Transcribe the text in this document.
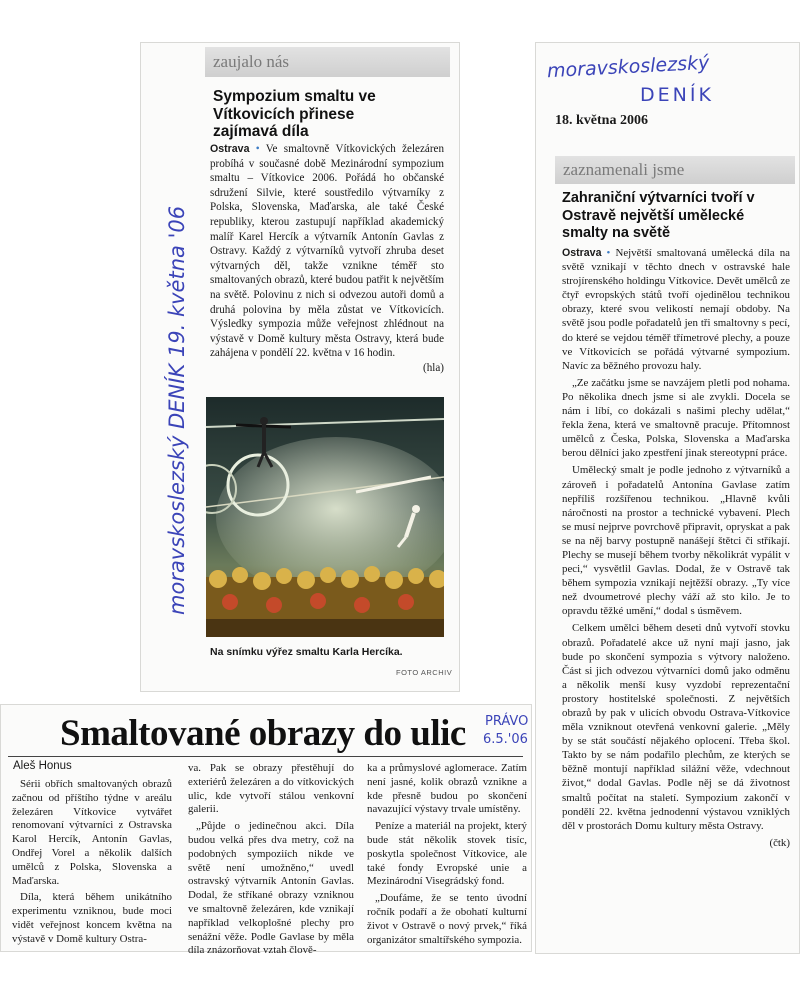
zaujalo nás
Sympozium smaltu ve Vítkovicích přinese zajímavá díla

Ostrava • Ve smaltovně Vítkovických železáren probíhá v současné době Mezinárodní sympozium smaltu – Vítkovice 2006. Pořádá ho občanské sdružení Silvie, které soustředilo výtvarníky z Polska, Slovenska, Maďarska, ale také České republiky, kterou zastupují například akademický malíř Karel Hercík a výtvarník Antonín Gavlas z Ostravy. Každý z výtvarníků vytvoří zhruba deset výtvarných děl, takže vznikne téměř sto smaltovaných obrazů, které budou patřit k největším na světě. Polovinu z nich si odvezou autoři domů a druhá polovina by měla zůstat ve Vítkovicích. Výsledky sympozia může veřejnost zhlédnout na výstavě v Domě kultury města Ostravy, která bude zahájena v pondělí 22. května v 16 hodin.
(hla)

Na snímku výřez smaltu Karla Hercíka.
FOTO ARCHIV
moravskoslezský DENÍK 19. května '06
moravskoslezský
DENÍK
18. května 2006
zaznamenali jsme
Zahraniční výtvarníci tvoří v Ostravě největší umělecké smalty na světě

Ostrava • Největší smaltovaná umělecká díla na světě vznikají v těchto dnech v ostravské hale strojírenského holdingu Vítkovice. Devět umělců ze čtyř evropských států tvoří ojedinělou technikou obrazy, které svou velikostí nemají obdoby. Na světě jsou podle pořadatelů jen tři smaltovny s pecí, do které se vejdou téměř třímetrové plechy, a pouze ve Vítkovicích se pořádá výtvarné sympozium. Navíc za běžného provozu haly.

„Ze začátku jsme se navzájem pletli pod nohama. Po několika dnech jsme si ale zvykli. Docela se nám i líbí, co dokázali s našimi plechy udělat,“ řekla žena, která ve smaltovně pracuje. Přítomnost umělců z Česka, Polska, Slovenska a Maďarska berou dělníci jako zpestření jinak stereotypní práce.

Umělecký smalt je podle jednoho z výtvarníků a zároveň i pořadatelů Antonína Gavlase zatím nepříliš rozšířenou technikou. „Hlavně kvůli náročnosti na prostor a technické vybavení. Plech se musí nejprve povrchově připravit, opryskat a pak se na něj barvy postupně nanášejí štětci či stříkají. Plechy se musejí během tvorby několikrát vypálit v peci,“ vysvětlil Gavlas. Dodal, že v Ostravě tak během sympozia vznikají nejtěžší obrazy. „Ty více než dvoumetrové plechy váží až sto kilo. Je to opravdu těžké umění,“ dodal s úsměvem.

Celkem umělci během deseti dnů vytvoří stovku obrazů. Pořadatelé akce už nyní mají jasno, jak bude po skončení sympozia s výtvory naloženo. Část si jich odvezou výtvarníci domů jako odměnu a několik menší kusy vyzdobí reprezentační prostory hostitelské společnosti. Z největších obrazů by pak v ulicích obvodu Ostrava-Vítkovice měla vzniknout otevřená venkovní galerie. „Měly by se stát součástí nějakého oplocení. Třeba škol. Takto by se nám podařilo plechům, ze kterých se běžně montují například silážní věže, vdechnout život,“ dodal Gavlas. Podle něj se dá životnost smaltů počítat na staletí. Sympozium zakončí v pondělí 22. května jednodenní výstavou vzniklých děl v prostorách Domu kultury města Ostravy.

(čtk)
Smaltované obrazy do ulic PRÁVO
6.5.'06
Aleš Honus

Sérii obřích smaltovaných obrazů začnou od příštího týdne v areálu železáren Vítkovice vytvářet renomovaní výtvarníci z Ostravska Karol Hercík, Antonín Gavlas, Ondřej Vorel a několik dalších umělců z Polska, Slovenska a Maďarska.

Díla, která během unikátního experimentu vzniknou, bude moci vidět veřejnost koncem května na výstavě v Domě kultury Ostra-

va. Pak se obrazy přestěhují do exteriérů železáren a do vítkovických ulic, kde vytvoří stálou venkovní galerii.

„Půjde o jedinečnou akci. Díla budou velká přes dva metry, což na podobných sympoziích nikde ve světě není umožněno,“ uvedl ostravský výtvarník Antonín Gavlas. Dodal, že stříkané obrazy vzniknou ve smaltovně železáren, kde vznikají například velkoplošné plechy pro senážní věže. Podle Gavlase by měla díla znázorňovat vztah člově-

ka a průmyslové aglomerace. Zatím není jasné, kolik obrazů vznikne a kde přesně budou po skončení navazující výstavy trvale umístěny.

Peníze a materiál na projekt, který bude stát několik stovek tisíc, poskytla společnost Vítkovice, ale také fondy Evropské unie a Mezinárodní Visegrádský fond.

„Doufáme, že se tento úvodní ročník podaří a že obohatí kulturní život v Ostravě o nový prvek,“ říká organizátor smaltířského sympozia.
